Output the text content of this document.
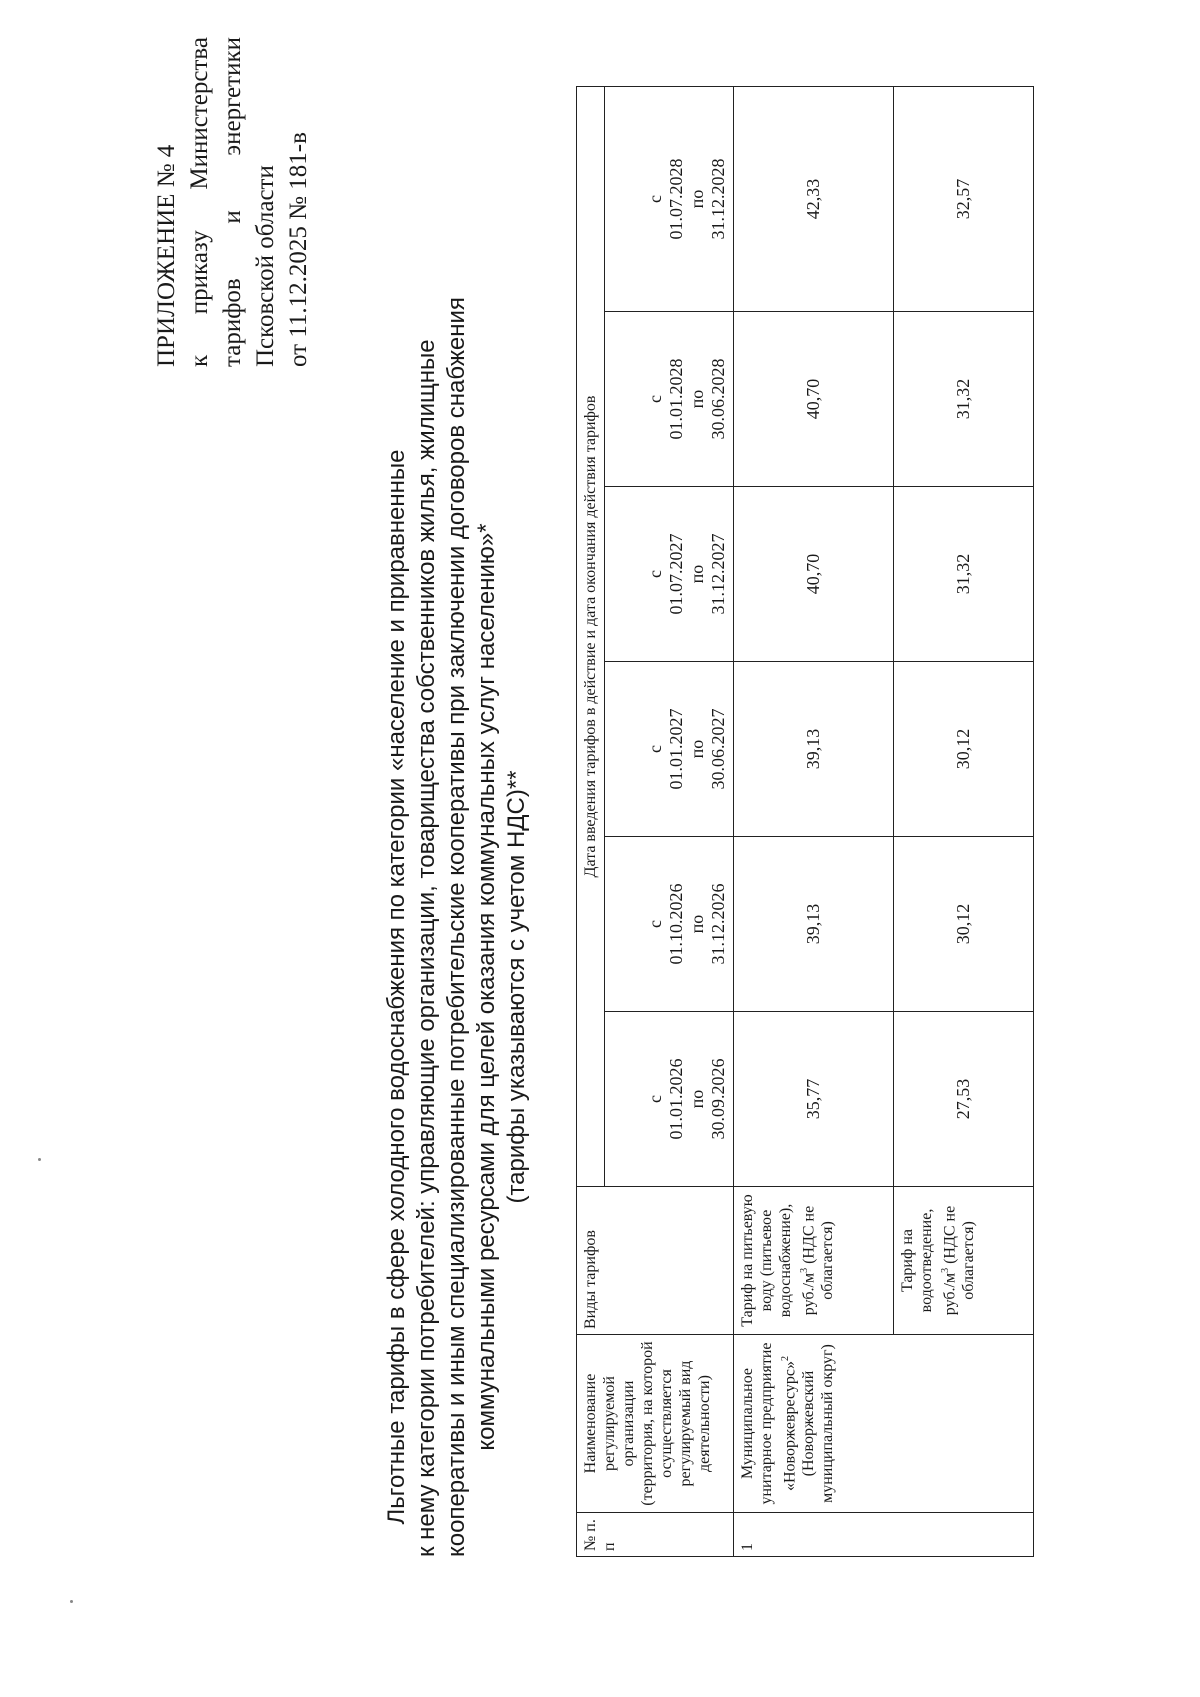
ПРИЛОЖЕНИЕ № 4 к
приказу
Министерства
тарифов
и
энергетики
Псковской области от 11.12.2025 № 181-в
Льготные тарифы в сфере холодного водоснабжения по категории «население и приравненные к нему категории потребителей: управляющие организации, товарищества собственников жилья, жилищные кооперативы и иным специализированные потребительские кооперативы при заключении договоров снабжения коммунальными ресурсами для целей оказания коммунальных услуг населению»* (тарифы указываются с учетом НДС)**
№ п. п	Наименование регулируемой организации (территория, на которой осуществляется регулируемый вид деятельности)	Виды тарифов	Дата введения тарифов в действие и дата окончания действия тарифов					
			с
01.01.2026
по
30.09.2026	с
01.10.2026
по
31.12.2026	с
01.01.2027
по
30.06.2027	с
01.07.2027
по
31.12.2027	с
01.01.2028
по
30.06.2028	с
01.07.2028
по
31.12.2028
1	Муниципальное унитарное предприятие «Новоржевресурс»$^2$ (Новоржевский муниципальный округ)	Тариф на питьевую воду (питьевое водоснабжение), $руб./м^3$ (НДС не облагается)	35,77	39,13	39,13	40,70	40,70	42,33
		Тариф на водоотведение, $руб./м^3$ (НДС не облагается)	27,53	30,12	30,12	31,32	31,32	32,57
